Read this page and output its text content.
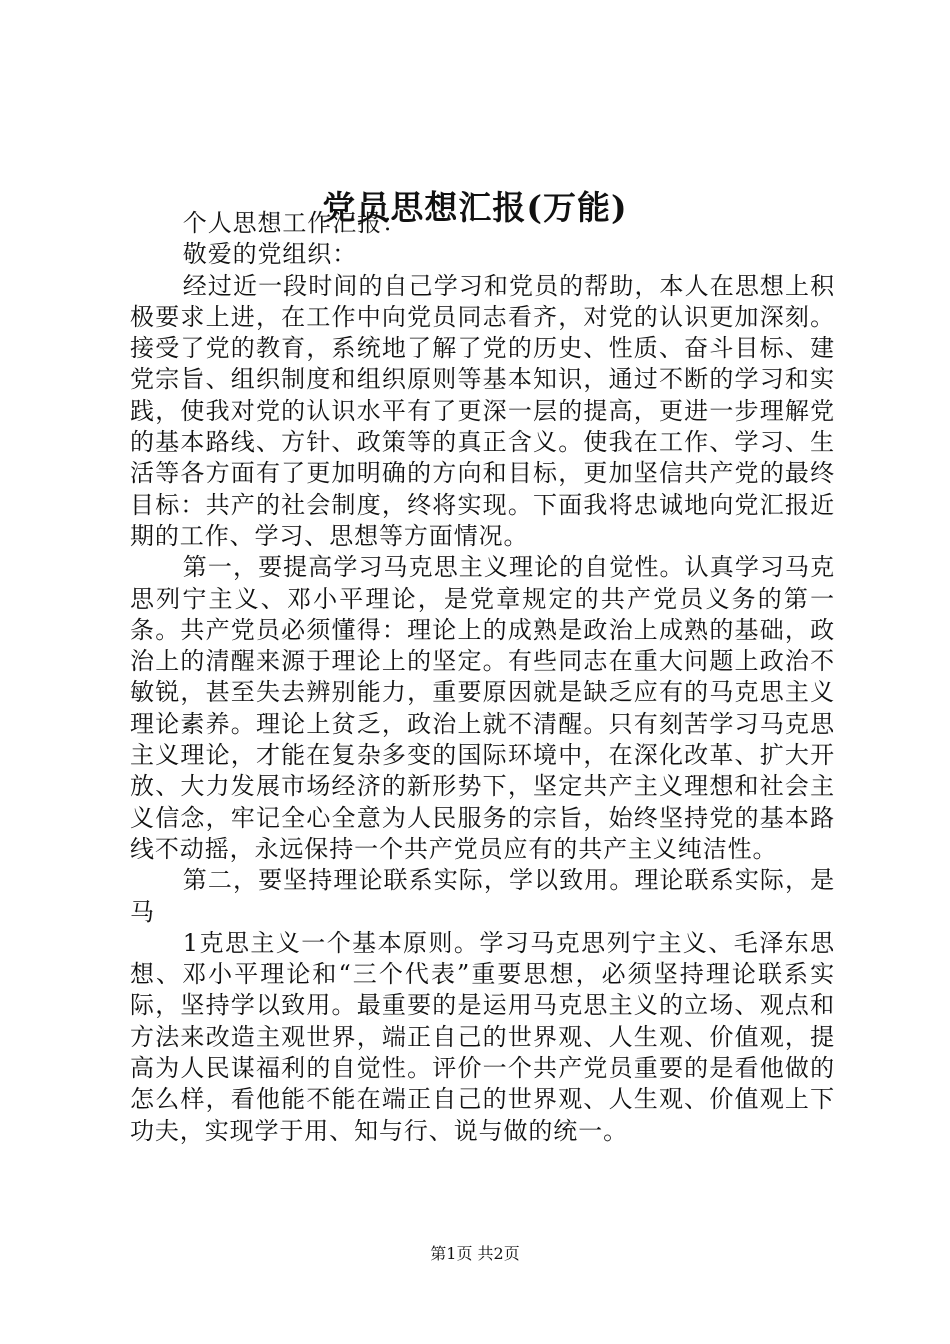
党员思想汇报(万能)

个人思想工作汇报：

敬爱的党组织：

经过近一段时间的自己学习和党员的帮助，本人在思想上积极要求上进，在工作中向党员同志看齐，对党的认识更加深刻。接受了党的教育，系统地了解了党的历史、性质、奋斗目标、建党宗旨、组织制度和组织原则等基本知识，通过不断的学习和实践，使我对党的认识水平有了更深一层的提高，更进一步理解党的基本路线、方针、政策等的真正含义。使我在工作、学习、生活等各方面有了更加明确的方向和目标，更加坚信共产党的最终目标：共产的社会制度，终将实现。下面我将忠诚地向党汇报近期的工作、学习、思想等方面情况。

第一，要提高学习马克思主义理论的自觉性。认真学习马克思列宁主义、邓小平理论，是党章规定的共产党员义务的第一条。共产党员必须懂得：理论上的成熟是政治上成熟的基础，政治上的清醒来源于理论上的坚定。有些同志在重大问题上政治不敏锐，甚至失去辨别能力，重要原因就是缺乏应有的马克思主义理论素养。理论上贫乏，政治上就不清醒。只有刻苦学习马克思主义理论，才能在复杂多变的国际环境中，在深化改革、扩大开放、大力发展市场经济的新形势下，坚定共产主义理想和社会主义信念，牢记全心全意为人民服务的宗旨，始终坚持党的基本路线不动摇，永远保持一个共产党员应有的共产主义纯洁性。

第二，要坚持理论联系实际，学以致用。理论联系实际，是马

1克思主义一个基本原则。学习马克思列宁主义、毛泽东思想、邓小平理论和“三个代表”重要思想，必须坚持理论联系实际，坚持学以致用。最重要的是运用马克思主义的立场、观点和方法来改造主观世界，端正自己的世界观、人生观、价值观，提高为人民谋福利的自觉性。评价一个共产党员重要的是看他做的怎么样，看他能不能在端正自己的世界观、人生观、价值观上下功夫，实现学于用、知与行、说与做的统一。

第1页 共2页
